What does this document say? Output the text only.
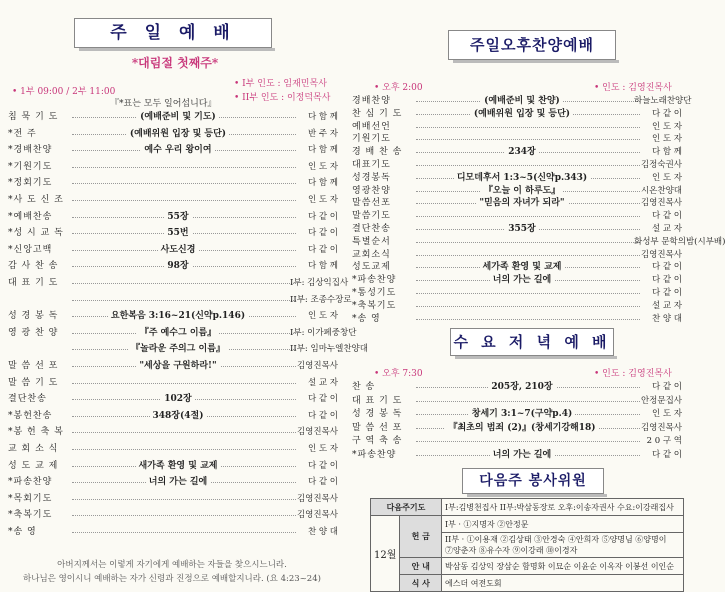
주 일 예 배
*대림절 첫째주*
• 1부 09:00 / 2부 11:00
• I부 인도 : 임재민목사
• II부 인도 : 이정덕목사
『*표는 모두 일어섭니다』
침 묵 기 도	(예배준비 및 기도)	다 함 께
*전 주	(예배위원 입장 및 등단)	반 주 자
*경배찬양	예수 우리 왕이여	다 함 께
*기원기도	인 도 자
*정회기도	다 함 께
*사 도 신 조	인 도 자
*예배찬송	55장	다 같 이
*성 시 교 독	55번	다 같 이
*신앙고백	사도신경	다 같 이
감 사 찬 송	98장	다 함 께
대 표 기 도	I부: 김상익집사
II부: 조종수장로
성 경 봉 독	요한복음 3:16~21(신약p.146)	인 도 자
영 광 찬 양	『주 예수그 이름』	I부: 이가페중창단
『놀라운 주의그 이름』	II부: 임마누엘찬양대
말 씀 선 포	"세상을 구원하라!"	김영진목사
말 씀 기 도	설 교 자
결단찬송	102장	다 같 이
*봉헌찬송	348장(4절)	다 같 이
*봉 헌 축 복	김영진목사
교 회 소 식	인 도 자
성 도 교 제	새가족 환영 및 교제	다 같 이
*파송찬양	너의 가는 길에	다 같 이
*목회기도	김영진목사
*축복기도	김영진목사
*송 영	찬 양 대
아버지께서는 이렇게 자기에게 예배하는 자들을 찾으시느니라.
하나님은 영이시니 예배하는 자가 신령과 진정으로 예배할지니라. (요 4:23~24)
주일오후찬양예배
• 오후 2:00	• 인도 : 김영진목사
경배찬양	(예배준비 및 찬양)	하늘노래찬양단
찬 심 기 도	(예배위원 입장 및 등단)	다 같 이
예배선언	인 도 자
기원기도	인 도 자
경 배 찬 송	234장	다 함 께
대표기도	김정숙권사
성경봉독	디모데후서 1:3~5(신약p.343)	인 도 자
영광찬양	『오늘 이 하루도』	시온찬양대
말씀선포	"믿음의 자녀가 되라"	김영진목사
말씀기도	다 같 이
결단찬송	355장	설 교 자
특별순서	화성부 문학의밤(시부배)
교회소식	김영진목사
성도교제	세가족 환영 및 교제	다 같 이
*파송찬양	너의 가는 길에	다 같 이
*통성기도	다 같 이
*축복기도	설 교 자
*송 영	찬 양 대
수 요 저 녁 예 배
• 오후 7:30	• 인도 : 김영진목사
찬 송	205장, 210장	다 같 이
대 표 기 도	안정문집사
성 경 봉 독	창세기 3:1~7(구약p.4)	인 도 자
말 씀 선 포	『최초의 범죄 (2)』(창세기강해18)	김영진목사
구 역 축 송	2 0 구 역
*파송찬양	너의 가는 길에	다 같 이
다음주 봉사위원
다음주기도		I부:김병천집사 II부:박삼동장로 오후:이송자권사 수요:이강래집사
12월	헌 금	I부 · ①지명자 ②안정문

		II부 · ①이용재 ②김상태 ③안경숙 ④안희자 ⑤양명님 ⑥양명이
⑦양춘자 ⑧유수자 ⑨이강래 ⑩이경자

	안 내	박삼동 김상익 장삼순 함명화 이묘순 이윤순 이옥자 이봉선 이인순
	식 사	에스더 여전도회
